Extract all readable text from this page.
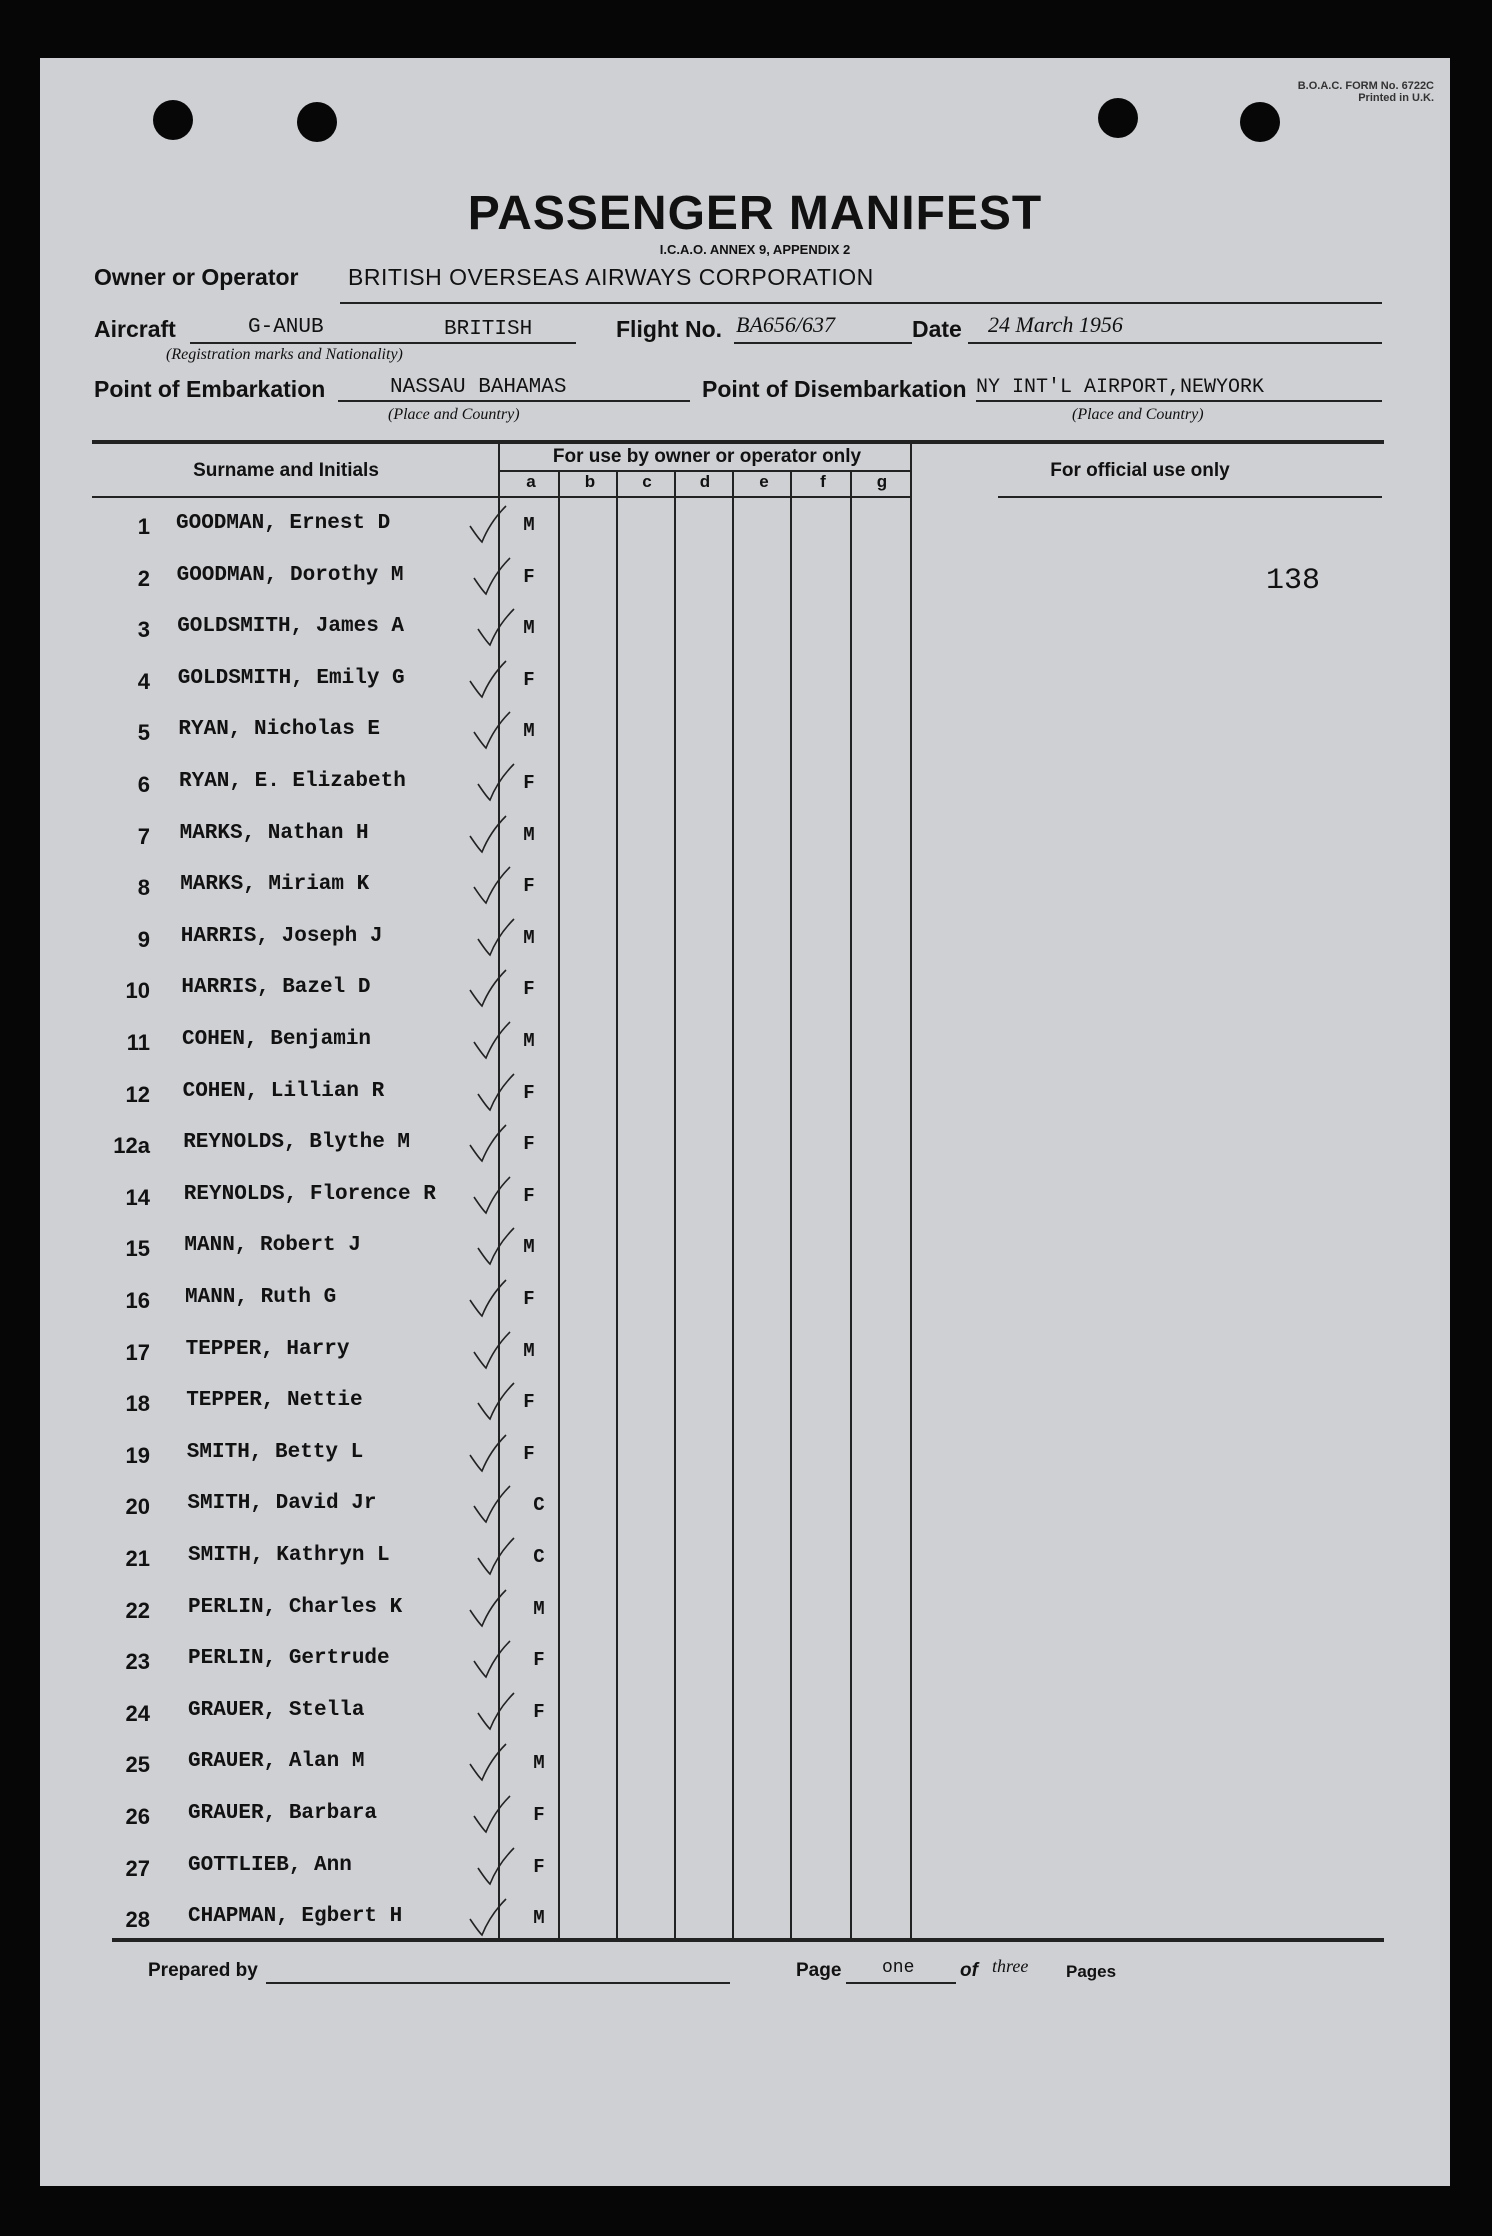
B.O.A.C. FORM No. 6722C
Printed in U.K.
PASSENGER MANIFEST
I.C.A.O. ANNEX 9, APPENDIX 2
Owner or Operator BRITISH OVERSEAS AIRWAYS CORPORATION
Aircraft	G-ANUB	BRITISH
(Registration marks and Nationality)
Flight No. BA656/637	Date 24 March 1956
Point of Embarkation	NASSAU BAHAMAS
(Place and Country)
Point of Disembarkation NY INT'L AIRPORT,NEWYORK
(Place and Country)
Surname and Initials
For use by owner or operator only
For official use only
a	b	c	d	e	f	g
138
1 GOODMAN, Ernest D	M
2 GOODMAN, Dorothy M	F
3 GOLDSMITH, James A	M
4 GOLDSMITH, Emily G	F
5 RYAN, Nicholas E	M
6 RYAN, E. Elizabeth	F
7 MARKS, Nathan H	M
8 MARKS, Miriam K	F
9 HARRIS, Joseph J	M
10 HARRIS, Bazel D	F
11 COHEN, Benjamin	M
12 COHEN, Lillian R	F
12a REYNOLDS, Blythe M	F
14 REYNOLDS, Florence R	F
15 MANN, Robert J	M
16 MANN, Ruth G	F
17 TEPPER, Harry	M
18 TEPPER, Nettie	F
19 SMITH, Betty L	F
20 SMITH, David Jr	C
21 SMITH, Kathryn L	C
22 PERLIN, Charles K	M
23 PERLIN, Gertrude	F
24 GRAUER, Stella	F
25 GRAUER, Alan M	M
26 GRAUER, Barbara	F
27 GOTTLIEB, Ann	F
28 CHAPMAN, Egbert H	M
Prepared by	Page one of three Pages
